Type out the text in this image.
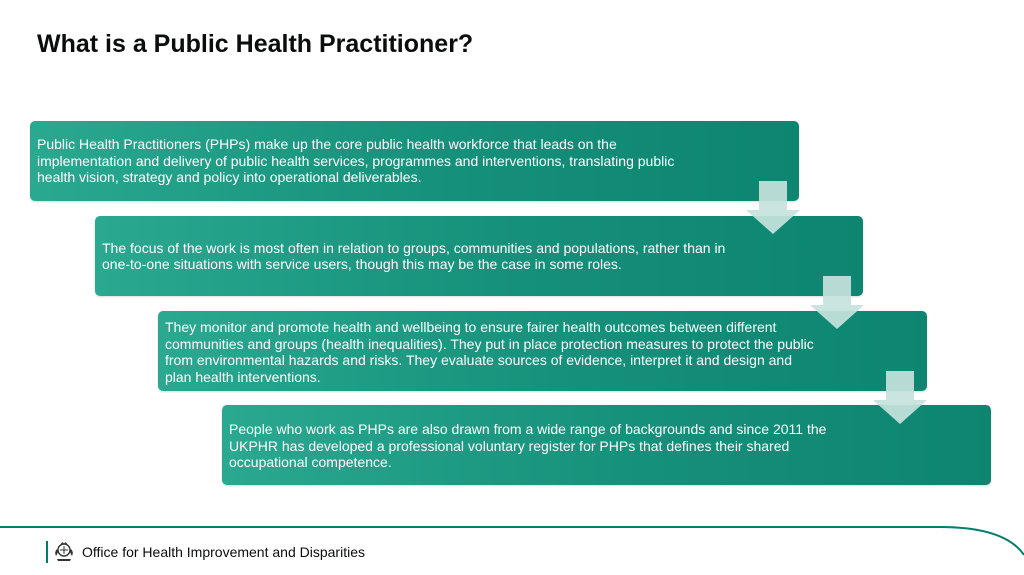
What is a Public Health Practitioner?
Public Health Practitioners (PHPs) make up the core public health workforce that leads on the implementation and delivery of public health services, programmes and interventions, translating public health vision, strategy and policy into operational deliverables.
The focus of the work is most often in relation to groups, communities and populations, rather than in one-to-one situations with service users, though this may be the case in some roles.
They monitor and promote health and wellbeing to ensure fairer health outcomes between different communities and groups (health inequalities). They put in place protection measures to protect the public from environmental hazards and risks. They evaluate sources of evidence, interpret it and design and plan health interventions.
People who work as PHPs are also drawn from a wide range of backgrounds and since 2011 the UKPHR has developed a professional voluntary register for PHPs that defines their shared occupational competence.
Office for Health Improvement and Disparities
